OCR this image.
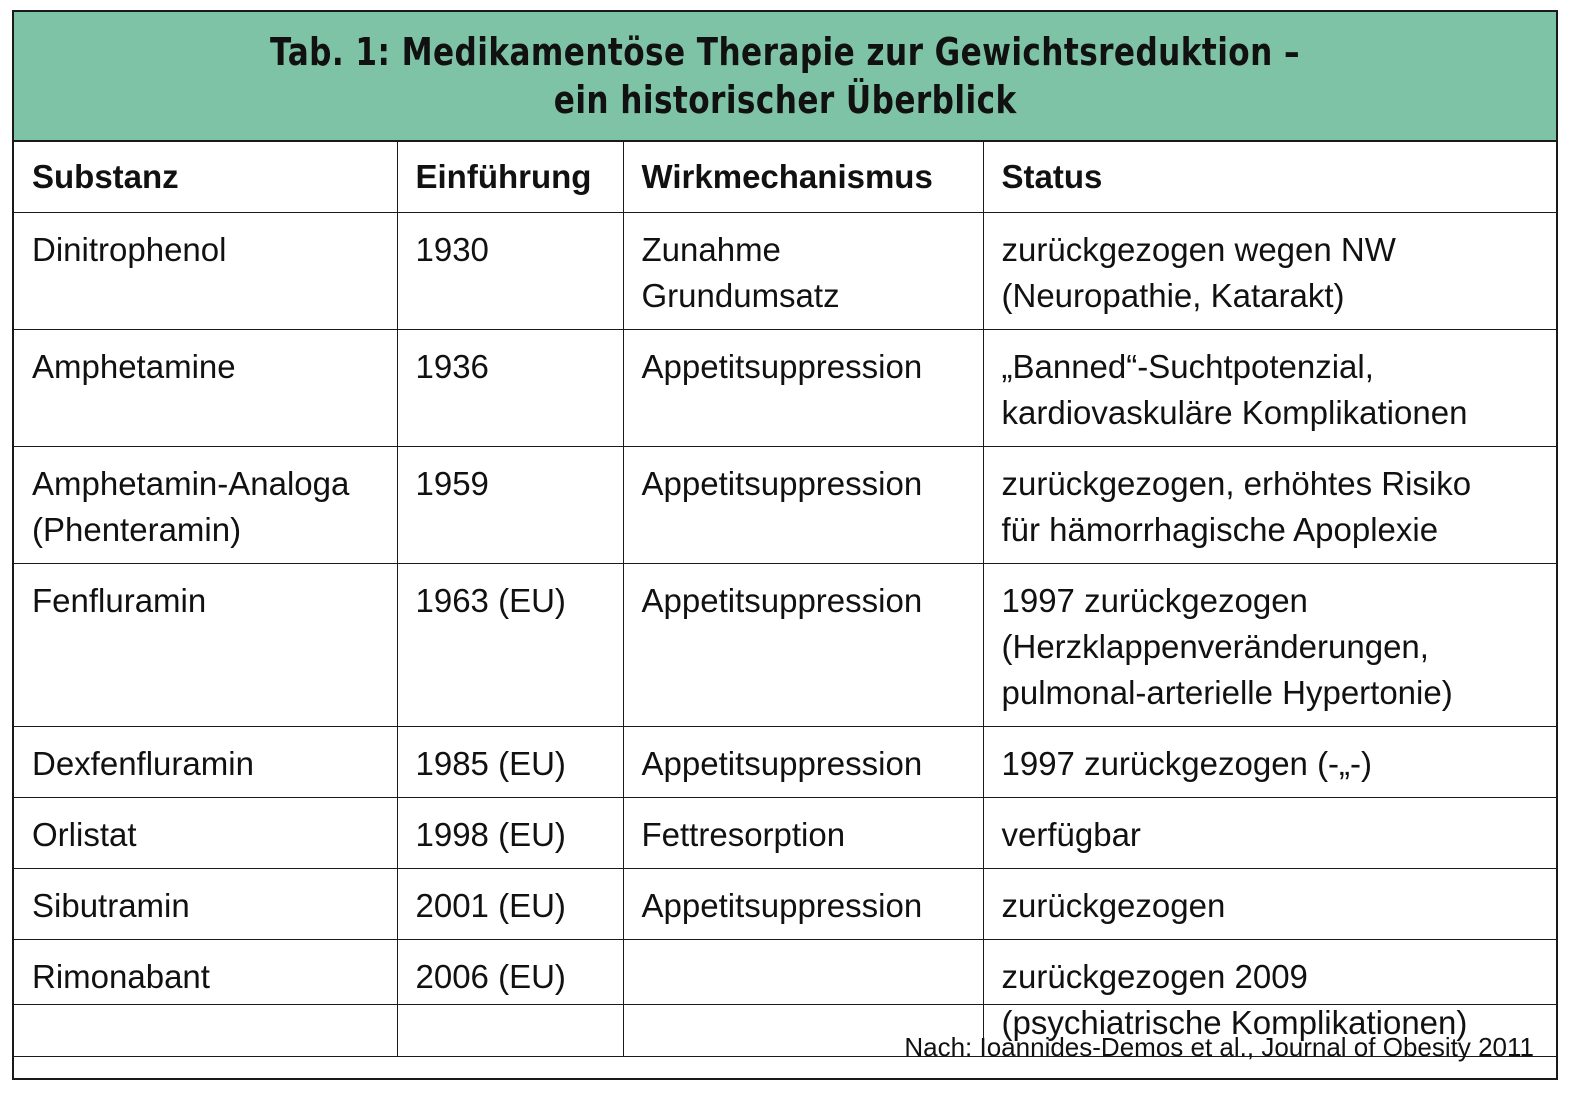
Tab. 1: Medikamentöse Therapie zur Gewichtsreduktion –
ein historischer Überblick
Substanz	Einführung	Wirkmechanismus	Status

Dinitrophenol	1930	Zunahme
Grundumsatz	zurückgezogen wegen NW
(Neuropathie, Katarakt)

Amphetamine	1936	Appetitsuppression	„Banned“-Suchtpotenzial,
kardiovaskuläre Komplikationen

Amphetamin-Analoga
(Phenteramin)	1959	Appetitsuppression	zurückgezogen, erhöhtes Risiko
für hämorrhagische Apoplexie

Fenfluramin	1963 (EU)	Appetitsuppression	1997 zurückgezogen
(Herzklappenveränderungen,
pulmonal-arterielle Hypertonie)

Dexfenfluramin	1985 (EU)	Appetitsuppression	1997 zurückgezogen (-„-)

Orlistat	1998 (EU)	Fettresorption	verfügbar

Sibutramin	2001 (EU)	Appetitsuppression	zurückgezogen

Rimonabant	2006 (EU)		zurückgezogen 2009
(psychiatrische Komplikationen)
Nach: Ioannides-Demos et al., Journal of Obesity 2011
